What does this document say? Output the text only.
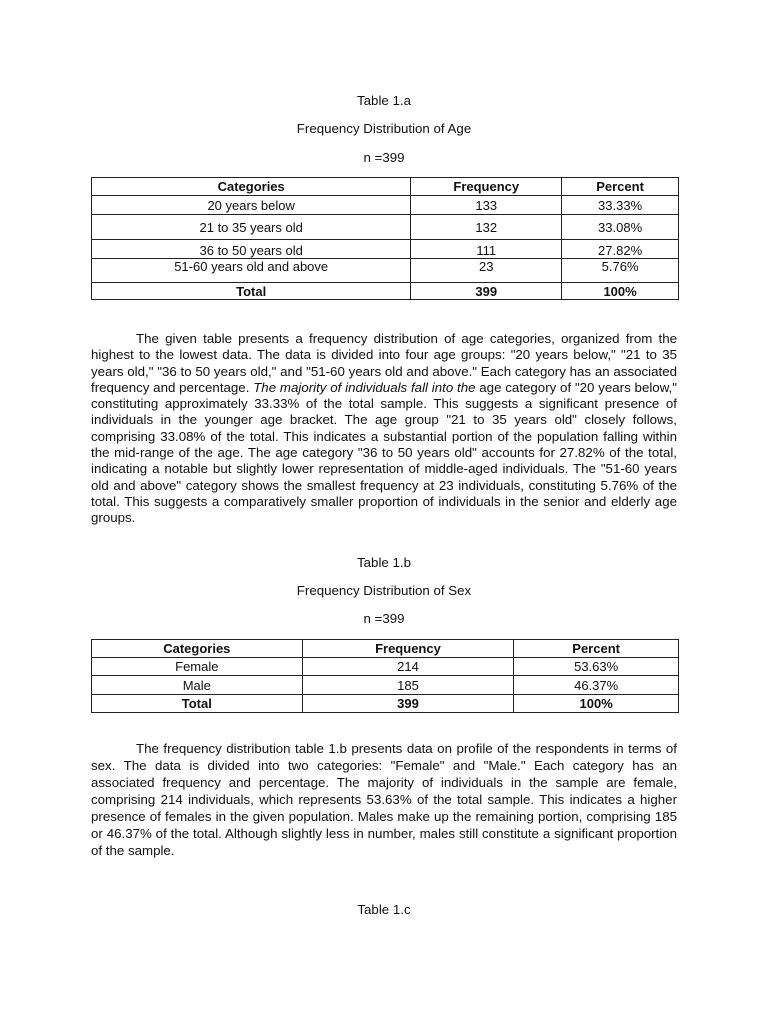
Table 1.a
Frequency Distribution of Age
n =399
Categories	Frequency	Percent
20 years below	133	33.33%
21 to 35 years old	132	33.08%
36 to 50 years old	111	27.82%
51-60 years old and above	23	5.76%
Total	399	100%

The given table presents a frequency distribution of age categories, organized from the highest to the lowest data. The data is divided into four age groups: "20 years below," "21 to 35 years old," "36 to 50 years old," and "51-60 years old and above." Each category has an associated frequency and percentage. The majority of individuals fall into the age category of "20 years below," constituting approximately 33.33% of the total sample. This suggests a significant presence of individuals in the younger age bracket. The age group "21 to 35 years old" closely follows, comprising 33.08% of the total. This indicates a substantial portion of the population falling within the mid-range of the age. The age category "36 to 50 years old" accounts for 27.82% of the total, indicating a notable but slightly lower representation of middle-aged individuals. The "51-60 years old and above" category shows the smallest frequency at 23 individuals, constituting 5.76% of the total. This suggests a comparatively smaller proportion of individuals in the senior and elderly age groups.

Table 1.b
Frequency Distribution of Sex
n =399
Categories	Frequency	Percent
Female	214	53.63%
Male	185	46.37%
Total	399	100%

The frequency distribution table 1.b presents data on profile of the respondents in terms of sex. The data is divided into two categories: "Female" and "Male." Each category has an associated frequency and percentage. The majority of individuals in the sample are female, comprising 214 individuals, which represents 53.63% of the total sample. This indicates a higher presence of females in the given population. Males make up the remaining portion, comprising 185 or 46.37% of the total. Although slightly less in number, males still constitute a significant proportion of the sample.

Table 1.c
